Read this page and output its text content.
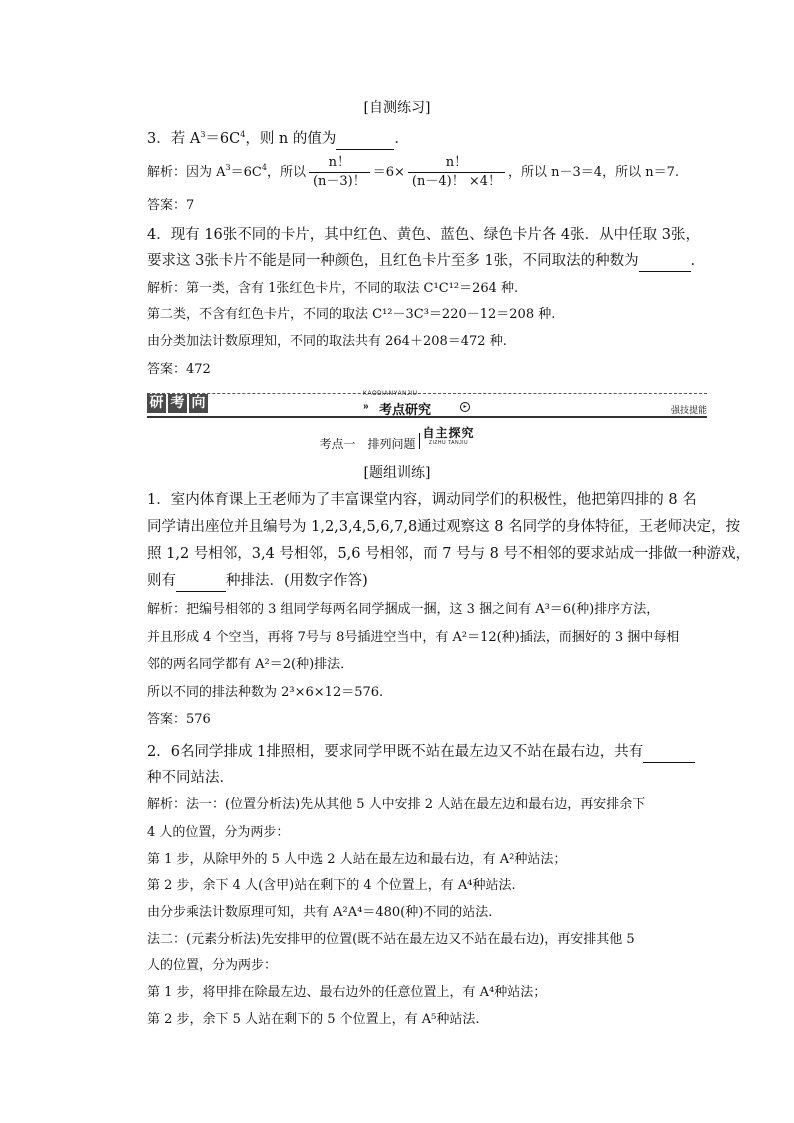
[自测练习]
3．若 $A^3=6C^4$，则 n 的值为	．
解析：因为 $A^3=6C^4$，所以 $\frac{n!}{(n-3)!} =6\times \frac{n!}{(n-4)! \times 4!}$ ，所以 n－3＝4，所以 n＝7.
答案：7
4．现有 16张不同的卡片，其中红色、黄色、蓝色、绿色卡片各 4张．从中任取 3张，
要求这 3张卡片不能是同一种颜色，且红色卡片至多 1张，不同取法的种数为	．
解析：第一类，含有 1张红色卡片，不同的取法 C¹C¹²＝264 种.
第二类，不含有红色卡片，不同的取法 C¹²－3C³＝220－12＝208 种.
由分类加法计数原理知，不同的取法共有 264＋208＝472 种.
答案：472
研 考 向
KAODIANYANJIU
» 考点研究	▸	强技提能
$^{考点一 排列问题}$
自主探究
ZIZHU TANJIU
[题组训练]
1．室内体育课上王老师为了丰富课堂内容，调动同学们的积极性，他把第四排的 8 名
同学请出座位并且编号为 1,2,3,4,5,6,7,8通过观察这 8 名同学的身体特征，王老师决定，按
照 1,2 号相邻，3,4 号相邻，5,6 号相邻，而 7 号与 8 号不相邻的要求站成一排做一种游戏，
则有	种排法．(用数字作答)
解析：把编号相邻的 3 组同学每两名同学捆成一捆，这 3 捆之间有 A³＝6(种)排序方法，
并且形成 4 个空当，再将 7号与 8号插进空当中，有 A²＝12(种)插法，而捆好的 3 捆中每相
邻的两名同学都有 A²＝2(种)排法．
所以不同的排法种数为 2³×6×12＝576.
答案：576
2．6名同学排成 1排照相，要求同学甲既不站在最左边又不站在最右边，共有
种不同站法．
解析：法一：(位置分析法)先从其他 5 人中安排 2 人站在最左边和最右边，再安排余下
4 人的位置，分为两步：
第 1 步，从除甲外的 5 人中选 2 人站在最左边和最右边，有 A²种站法；
第 2 步，余下 4 人(含甲)站在剩下的 4 个位置上，有 A⁴种站法.
由分步乘法计数原理可知，共有 A²A⁴＝480(种)不同的站法.
法二：(元素分析法)先安排甲的位置(既不站在最左边又不站在最右边)，再安排其他 5
人的位置，分为两步：
第 1 步，将甲排在除最左边、最右边外的任意位置上，有 A⁴种站法；
第 2 步，余下 5 人站在剩下的 5 个位置上，有 A⁵种站法.
